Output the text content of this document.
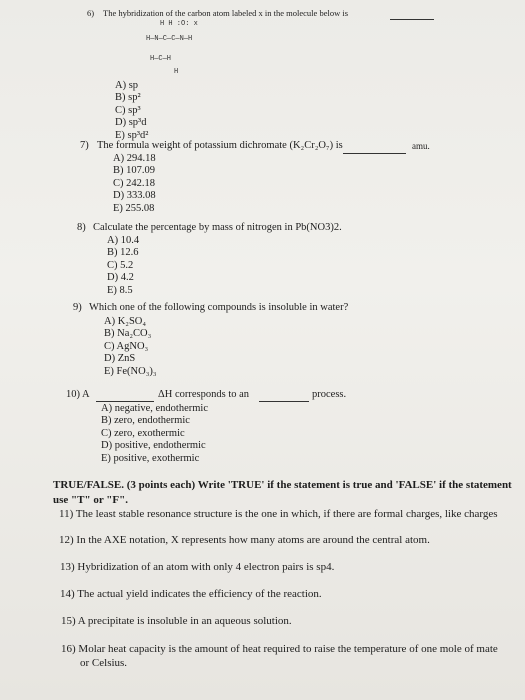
6) The hybridization of the carbon atom labeled x in the molecule below is
H H :O: x
H—N—C—C—N—H
H—C—H
H
A) sp
B) sp²
C) sp³
D) sp³d
E) sp³d²
7) The formula weight of potassium dichromate (K₂Cr₂O₇) is	amu.
A) 294.18
B) 107.09
C) 242.18
D) 333.08
E) 255.08
8) Calculate the percentage by mass of nitrogen in Pb(NO3)2.
A) 10.4
B) 12.6
C) 5.2
D) 4.2
E) 8.5
9) Which one of the following compounds is insoluble in water?
A) K₂SO₄
B) Na₂CO₃
C) AgNO₃
D) ZnS
E) Fe(NO₃)₃
10) A	ΔH corresponds to an	process.
A) negative, endothermic
B) zero, endothermic
C) zero, exothermic
D) positive, endothermic
E) positive, exothermic
TRUE/FALSE. (3 points each) Write 'TRUE' if the statement is true and 'FALSE' if the statement
use "T" or "F".
11) The least stable resonance structure is the one in which, if there are formal charges, like charges
12) In the AXE notation, X represents how many atoms are around the central atom.
13) Hybridization of an atom with only 4 electron pairs is sp4.
14) The actual yield indicates the efficiency of the reaction.
15) A precipitate is insoluble in an aqueous solution.
16) Molar heat capacity is the amount of heat required to raise the temperature of one mole of mate
or Celsius.
